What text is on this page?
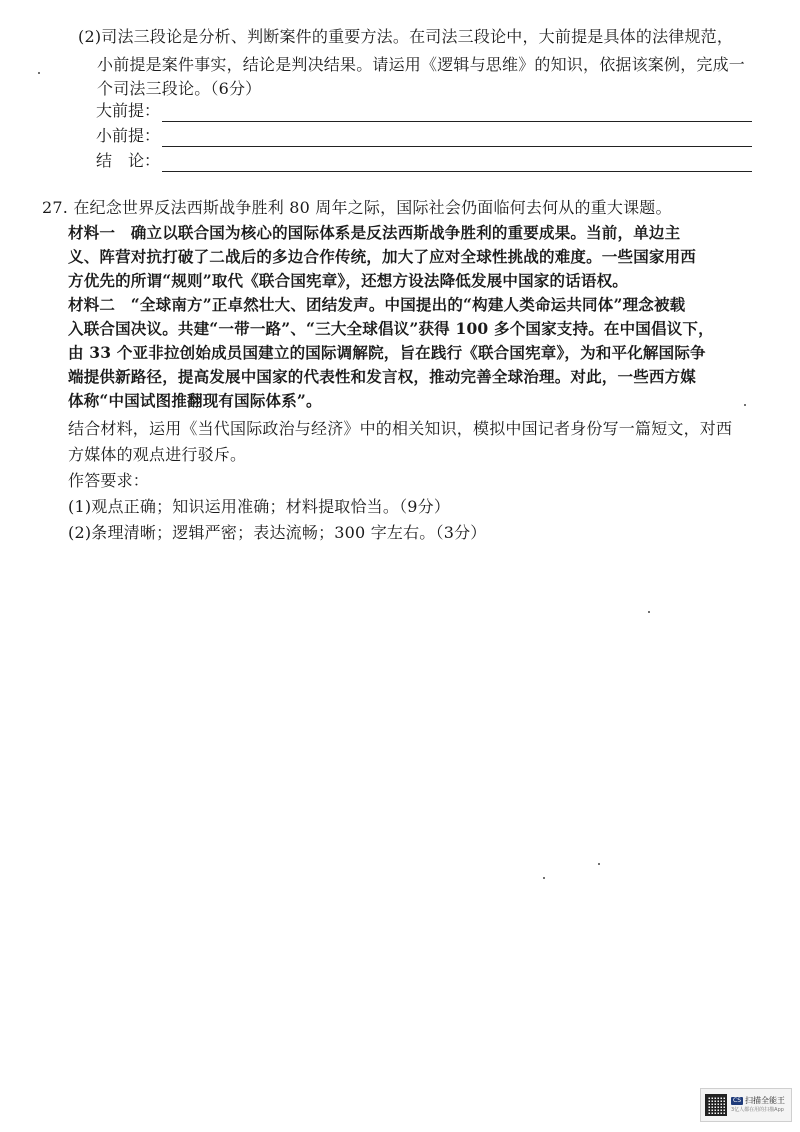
(2)司法三段论是分析、判断案件的重要方法。在司法三段论中，大前提是具体的法律规范，
小前提是案件事实，结论是判决结果。请运用《逻辑与思维》的知识，依据该案例，完成一
个司法三段论。（6分）
大前提：
小前提：
结　论：
27. 在纪念世界反法西斯战争胜利 80 周年之际，国际社会仍面临何去何从的重大课题。
材料一　确立以联合国为核心的国际体系是反法西斯战争胜利的重要成果。当前，单边主
义、阵营对抗打破了二战后的多边合作传统，加大了应对全球性挑战的难度。一些国家用西
方优先的所谓“规则”取代《联合国宪章》，还想方设法降低发展中国家的话语权。
材料二　“全球南方”正卓然壮大、团结发声。中国提出的“构建人类命运共同体”理念被载
入联合国决议。共建“一带一路”、“三大全球倡议”获得 100 多个国家支持。在中国倡议下，
由 33 个亚非拉创始成员国建立的国际调解院，旨在践行《联合国宪章》，为和平化解国际争
端提供新路径，提高发展中国家的代表性和发言权，推动完善全球治理。对此，一些西方媒
体称“中国试图推翻现有国际体系”。
结合材料，运用《当代国际政治与经济》中的相关知识，模拟中国记者身份写一篇短文，对西
方媒体的观点进行驳斥。
作答要求：
(1)观点正确；知识运用准确；材料提取恰当。（9分）
(2)条理清晰；逻辑严密；表达流畅；300 字左右。（3分）
CS 扫描全能王
3亿人都在用的扫描App
